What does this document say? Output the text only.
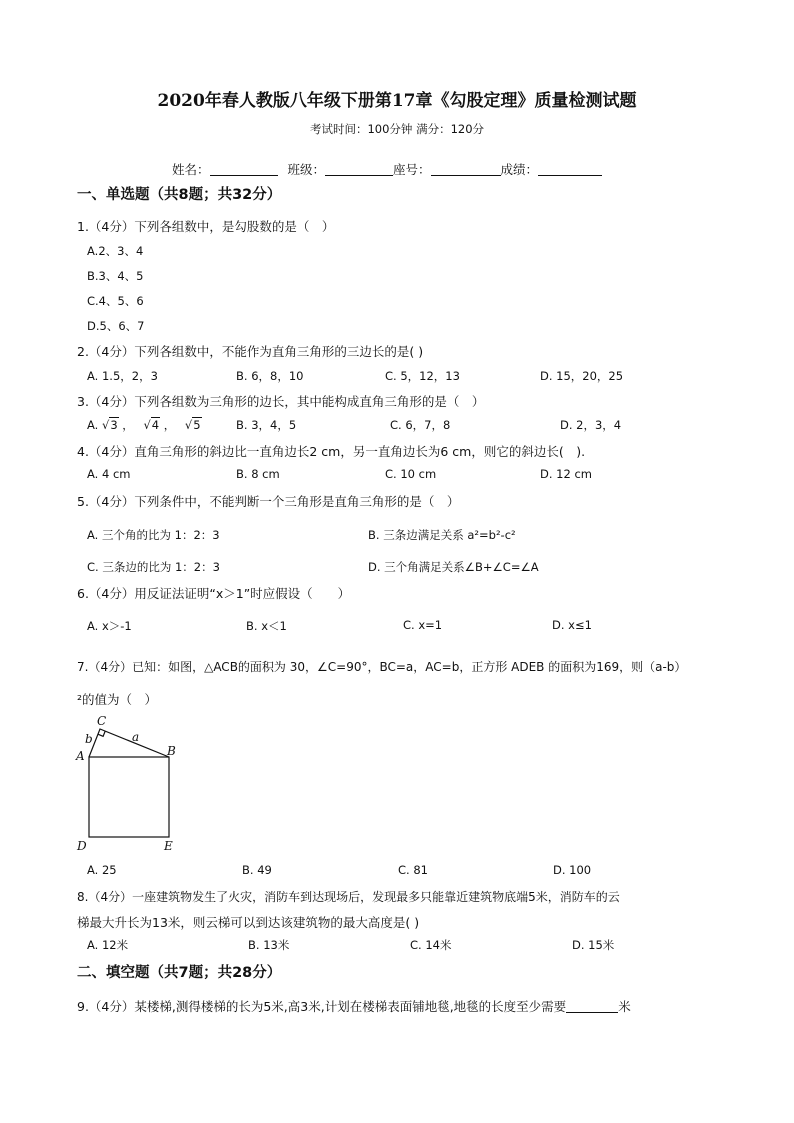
2020年春人教版八年级下册第17章《勾股定理》质量检测试题
考试时间：100分钟 满分：120分
姓名：	班级：	座号：	成绩：
一、单选题（共8题；共32分）
1.（4分）下列各组数中，是勾股数的是（　）
A.2、3、4
B.3、4、5
C.4、5、6
D.5、6、7
2.（4分）下列各组数中，不能作为直角三角形的三边长的是( )
A. 1.5，2，3	B. 6，8，10	C. 5，12，13	D. 15，20，25
3.（4分）下列各组数为三角形的边长，其中能构成直角三角形的是（　）
A. √3 ， √4 ， √5	B. 3，4，5	C. 6，7，8	D. 2，3，4
4.（4分）直角三角形的斜边比一直角边长2 cm，另一直角边长为6 cm，则它的斜边长(　).
A. 4 cm	B. 8 cm	C. 10 cm	D. 12 cm
5.（4分）下列条件中，不能判断一个三角形是直角三角形的是（　）
A. 三个角的比为 1：2：3	B. 三条边满足关系 a²=b²-c²
C. 三条边的比为 1：2：3	D. 三个角满足关系∠B+∠C=∠A
6.（4分）用反证法证明“x＞1”时应假设（　　）
A. x＞-1	B. x＜1	C. x=1	D. x≤1
7.（4分）已知：如图，△ACB的面积为 30，∠C=90°，BC=a，AC=b，正方形 ADEB 的面积为169，则（a-b）
²的值为（　）
C
b	a
A	B
D	E
A. 25	B. 49	C. 81	D. 100
8.（4分）一座建筑物发生了火灾，消防车到达现场后，发现最多只能靠近建筑物底端5米，消防车的云
梯最大升长为13米，则云梯可以到达该建筑物的最大高度是( )
A. 12米	B. 13米	C. 14米	D. 15米
二、填空题（共7题；共28分）
9.（4分）某楼梯,测得楼梯的长为5米,高3米,计划在楼梯表面铺地毯,地毯的长度至少需要	米
